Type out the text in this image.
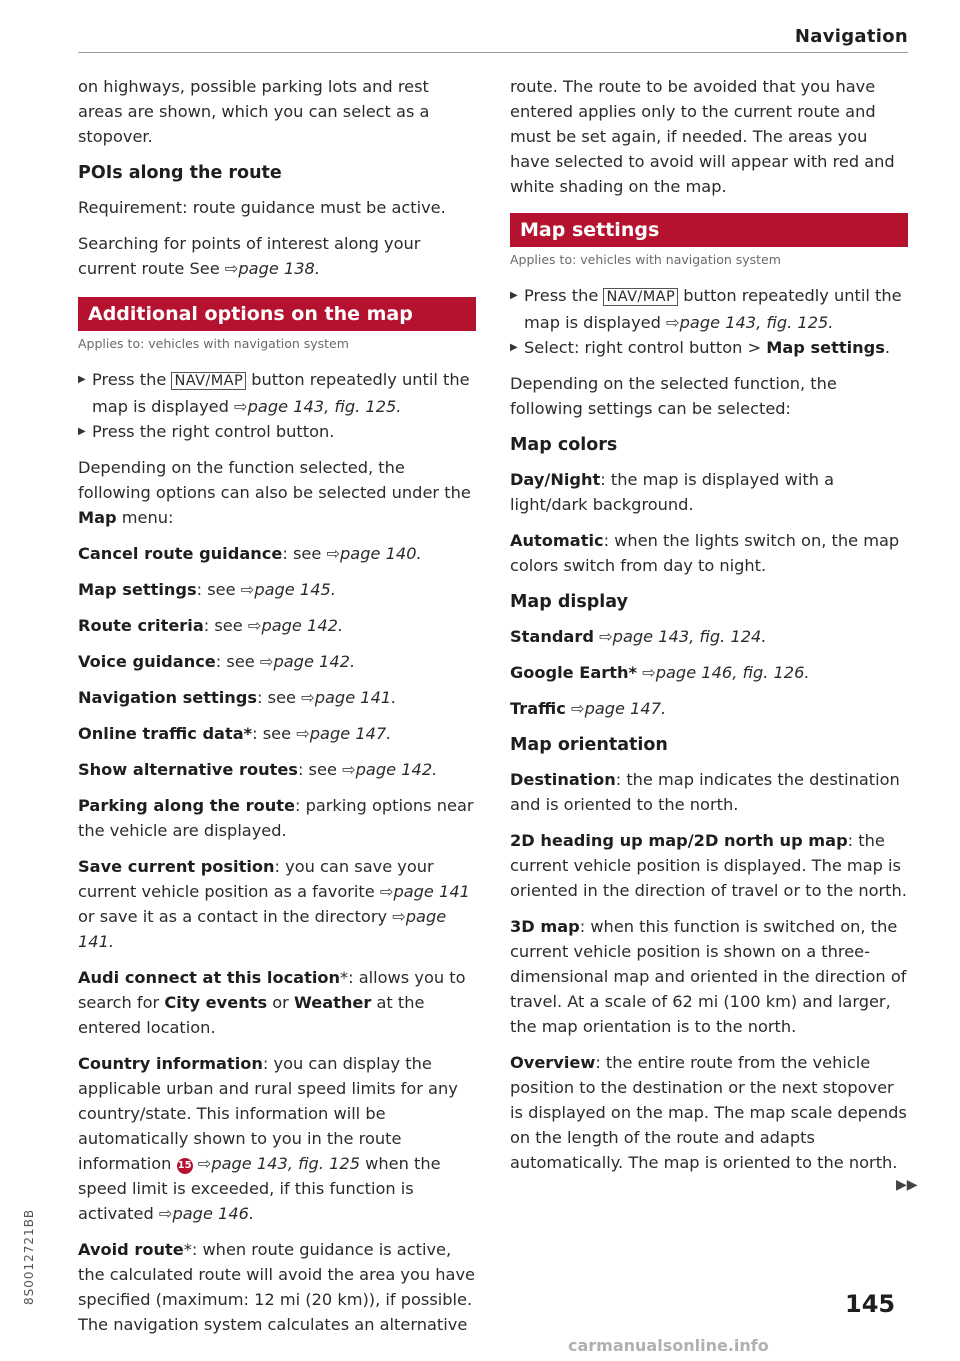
Navigation

on highways, possible parking lots and rest areas are shown, which you can select as a stopover.

POIs along the route

Requirement: route guidance must be active.

Searching for points of interest along your current route See ⇨page 138.

Additional options on the map
Applies to: vehicles with navigation system

▶ Press the NAV/MAP button repeatedly until the map is displayed ⇨page 143, fig. 125.

▶ Press the right control button.

Depending on the function selected, the following options can also be selected under the Map menu:

Cancel route guidance: see ⇨page 140.

Map settings: see ⇨page 145.

Route criteria: see ⇨page 142.

Voice guidance: see ⇨page 142.

Navigation settings: see ⇨page 141.

Online traffic data*: see ⇨page 147.

Show alternative routes: see ⇨page 142.

Parking along the route: parking options near the vehicle are displayed.

Save current position: you can save your current vehicle position as a favorite ⇨page 141 or save it as a contact in the directory ⇨page 141.

Audi connect at this location*: allows you to search for City events or Weather at the entered location.

Country information: you can display the applicable urban and rural speed limits for any country/state. This information will be automatically shown to you in the route information 15 ⇨page 143, fig. 125 when the speed limit is exceeded, if this function is activated ⇨page 146.

Avoid route*: when route guidance is active, the calculated route will avoid the area you have specified (maximum: 12 mi (20 km)), if possible. The navigation system calculates an alternative

route. The route to be avoided that you have entered applies only to the current route and must be set again, if needed. The areas you have selected to avoid will appear with red and white shading on the map.

Map settings
Applies to: vehicles with navigation system

▶ Press the NAV/MAP button repeatedly until the map is displayed ⇨page 143, fig. 125.

▶ Select: right control button > Map settings.

Depending on the selected function, the following settings can be selected:

Map colors

Day/Night: the map is displayed with a light/dark background.

Automatic: when the lights switch on, the map colors switch from day to night.

Map display

Standard ⇨page 143, fig. 124.

Google Earth* ⇨page 146, fig. 126.

Traffic ⇨page 147.

Map orientation

Destination: the map indicates the destination and is oriented to the north.

2D heading up map/2D north up map: the current vehicle position is displayed. The map is oriented in the direction of travel or to the north.

3D map: when this function is switched on, the current vehicle position is shown on a three-dimensional map and oriented in the direction of travel. At a scale of 62 mi (100 km) and larger, the map orientation is to the north.

Overview: the entire route from the vehicle position to the destination or the next stopover is displayed on the map. The map scale depends on the length of the route and adapts automatically. The map is oriented to the north.

▶▶
8S0012721BB	145
carmanualsonline.info
